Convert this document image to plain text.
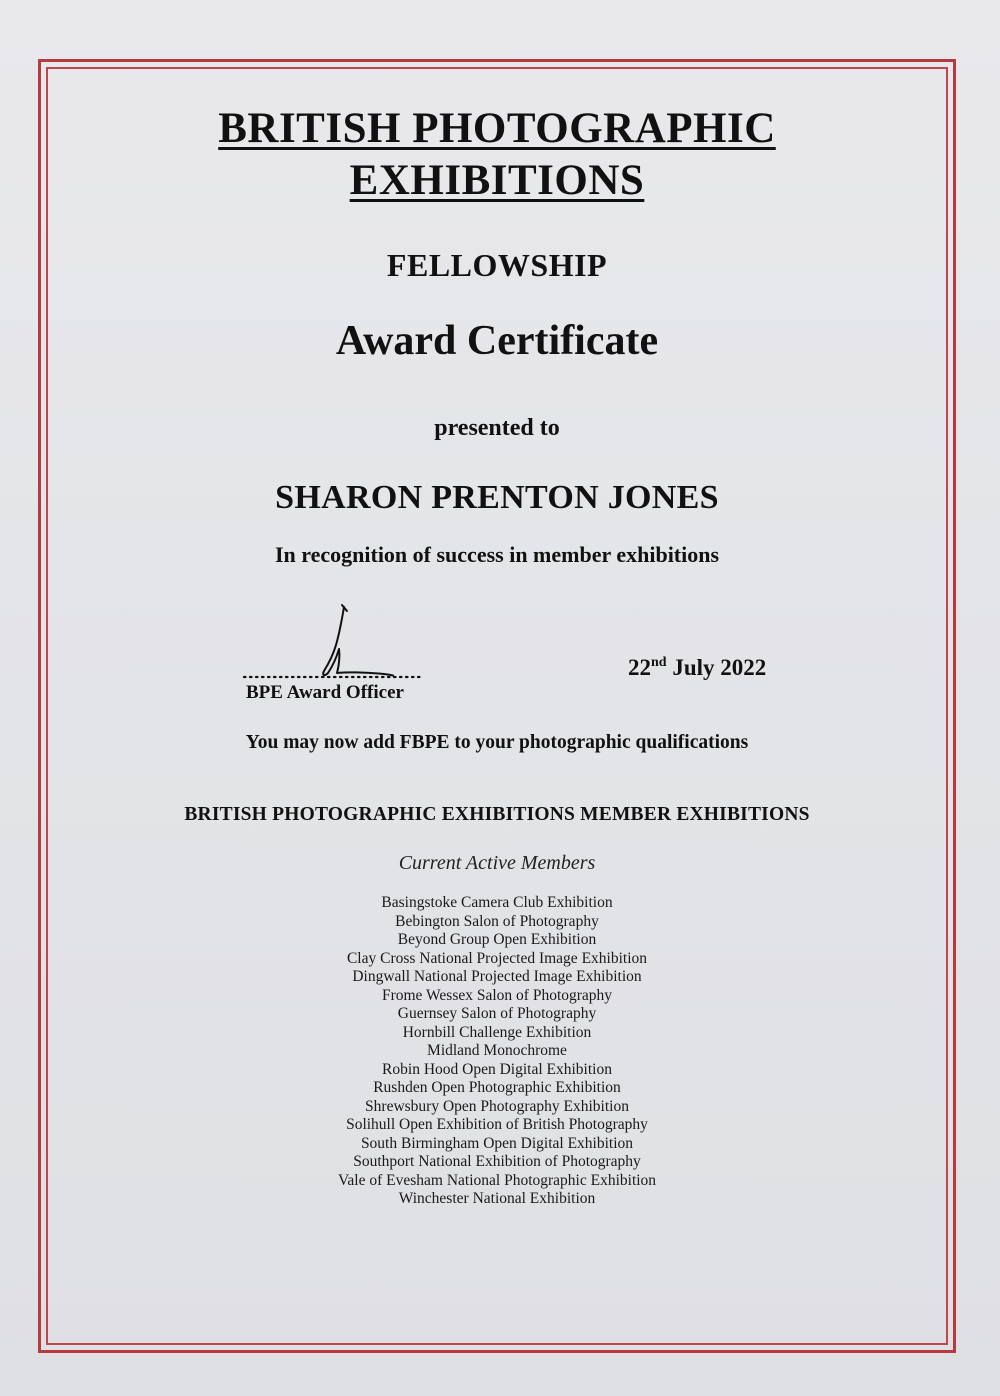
BRITISH PHOTOGRAPHIC
EXHIBITIONS
FELLOWSHIP
Award Certificate
presented to
SHARON PRENTON JONES
In recognition of success in member exhibitions
BPE Award Officer
22nd July 2022
You may now add FBPE to your photographic qualifications
BRITISH PHOTOGRAPHIC EXHIBITIONS MEMBER EXHIBITIONS
Current Active Members
Basingstoke Camera Club Exhibition
Bebington Salon of Photography
Beyond Group Open Exhibition
Clay Cross National Projected Image Exhibition
Dingwall National Projected Image Exhibition
Frome Wessex Salon of Photography
Guernsey Salon of Photography
Hornbill Challenge Exhibition
Midland Monochrome
Robin Hood Open Digital Exhibition
Rushden Open Photographic Exhibition
Shrewsbury Open Photography Exhibition
Solihull Open Exhibition of British Photography
South Birmingham Open Digital Exhibition
Southport National Exhibition of Photography
Vale of Evesham National Photographic Exhibition
Winchester National Exhibition
